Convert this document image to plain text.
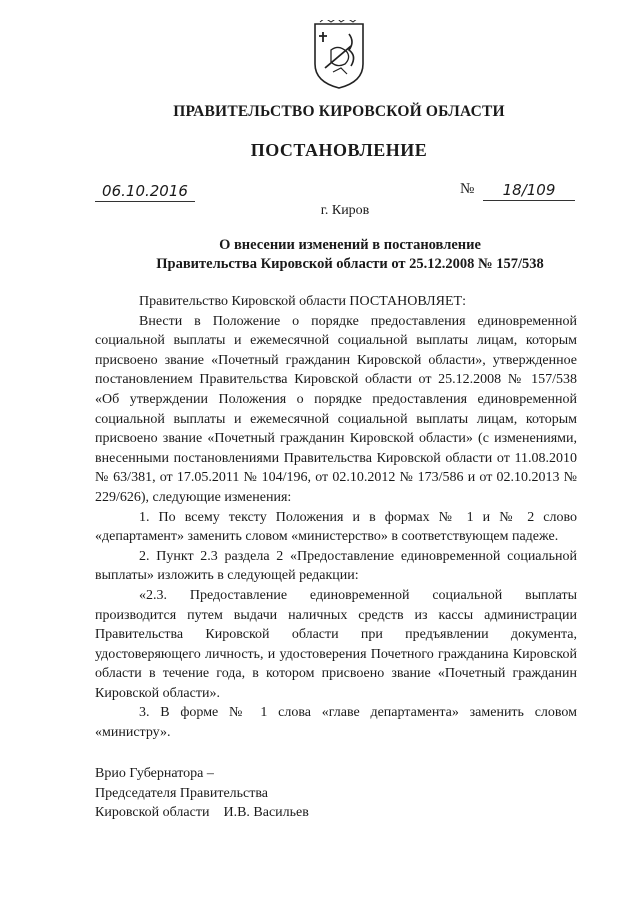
ПРАВИТЕЛЬСТВО КИРОВСКОЙ ОБЛАСТИ
ПОСТАНОВЛЕНИЕ
06.10.2016	№	18/109
г. Киров
О внесении изменений в постановление
Правительства Кировской области от 25.12.2008 № 157/538

Правительство Кировской области ПОСТАНОВЛЯЕТ:

Внести в Положение о порядке предоставления единовременной социальной выплаты и ежемесячной социальной выплаты лицам, которым присвоено звание «Почетный гражданин Кировской области», утвержденное постановлением Правительства Кировской области от 25.12.2008 № 157/538 «Об утверждении Положения о порядке предоставления единовременной социальной выплаты и ежемесячной социальной выплаты лицам, которым присвоено звание «Почетный гражданин Кировской области» (с изменениями, внесенными постановлениями Правительства Кировской области от 11.08.2010 № 63/381, от 17.05.2011 № 104/196, от 02.10.2012 № 173/586 и от 02.10.2013 № 229/626), следующие изменения:

1. По всему тексту Положения и в формах № 1 и № 2 слово «департамент» заменить словом «министерство» в соответствующем падеже.

2. Пункт 2.3 раздела 2 «Предоставление единовременной социальной выплаты» изложить в следующей редакции:

«2.3. Предоставление единовременной социальной выплаты производится путем выдачи наличных средств из кассы администрации Правительства Кировской области при предъявлении документа, удостоверяющего личность, и удостоверения Почетного гражданина Кировской области в течение года, в котором присвоено звание «Почетный гражданин Кировской области».

3. В форме № 1 слова «главе департамента» заменить словом «министру».

Врио Губернатора –
Председателя Правительства
Кировской области И.В. Васильев
